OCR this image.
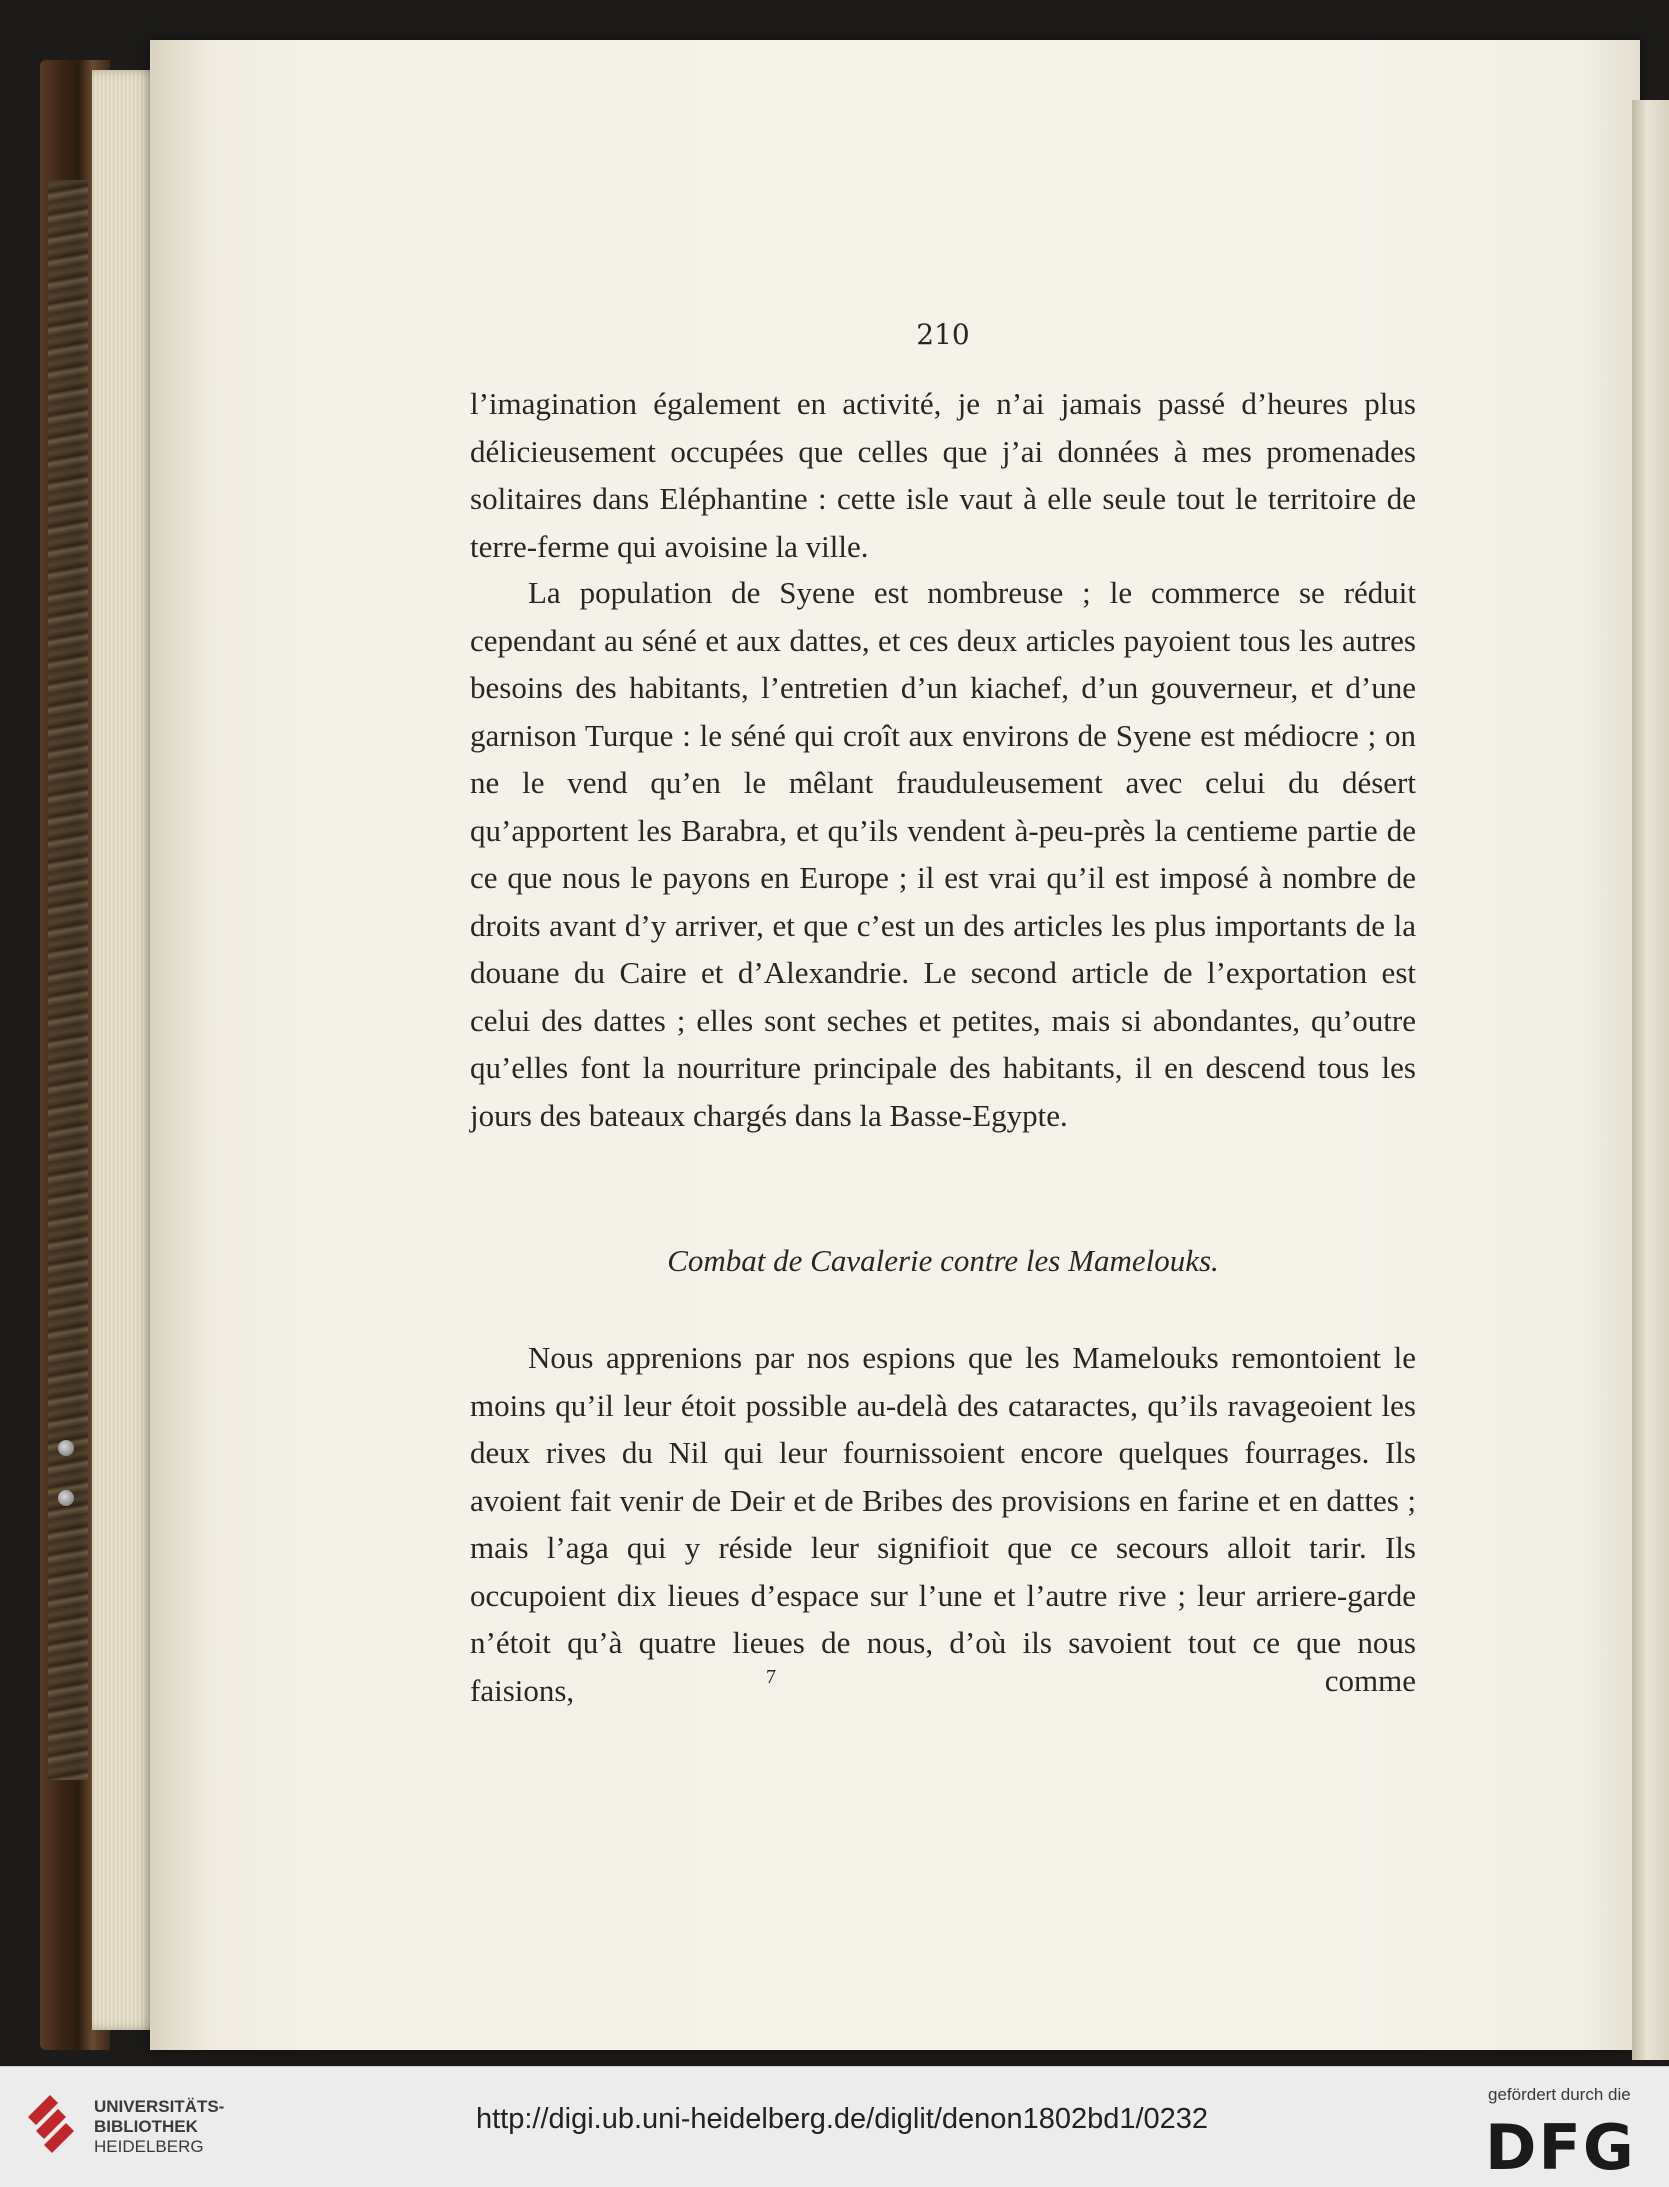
210
l’imagination également en activité, je n’ai jamais passé d’heures plus délicieusement occupées que celles que j’ai données à mes promenades solitaires dans Eléphantine : cette isle vaut à elle seule tout le territoire de terre-ferme qui avoisine la ville.
La population de Syene est nombreuse ; le commerce se réduit cependant au séné et aux dattes, et ces deux articles payoient tous les autres besoins des habitants, l’entretien d’un kiachef, d’un gouverneur, et d’une garnison Turque : le séné qui croît aux environs de Syene est médiocre ; on ne le vend qu’en le mêlant frauduleusement avec celui du désert qu’apportent les Barabra, et qu’ils vendent à-peu-près la centieme partie de ce que nous le payons en Europe ; il est vrai qu’il est imposé à nombre de droits avant d’y arriver, et que c’est un des articles les plus importants de la douane du Caire et d’Alexandrie. Le second article de l’exportation est celui des dattes ; elles sont seches et petites, mais si abondantes, qu’outre qu’elles font la nourriture principale des habitants, il en descend tous les jours des bateaux chargés dans la Basse-Egypte.
Combat de Cavalerie contre les Mamelouks.
Nous apprenions par nos espions que les Mamelouks remontoient le moins qu’il leur étoit possible au-delà des cataractes, qu’ils ravageoient les deux rives du Nil qui leur fournissoient encore quelques fourrages. Ils avoient fait venir de Deir et de Bribes des provisions en farine et en dattes ; mais l’aga qui y réside leur signifioit que ce secours alloit tarir. Ils occupoient dix lieues d’espace sur l’une et l’autre rive ; leur arriere-garde n’étoit qu’à quatre lieues de nous, d’où ils savoient tout ce que nous faisions,	7	comme
UNIVERSITÄTS-
BIBLIOTHEK
HEIDELBERG
http://digi.ub.uni-heidelberg.de/diglit/denon1802bd1/0232
gefördert durch die
DFG
